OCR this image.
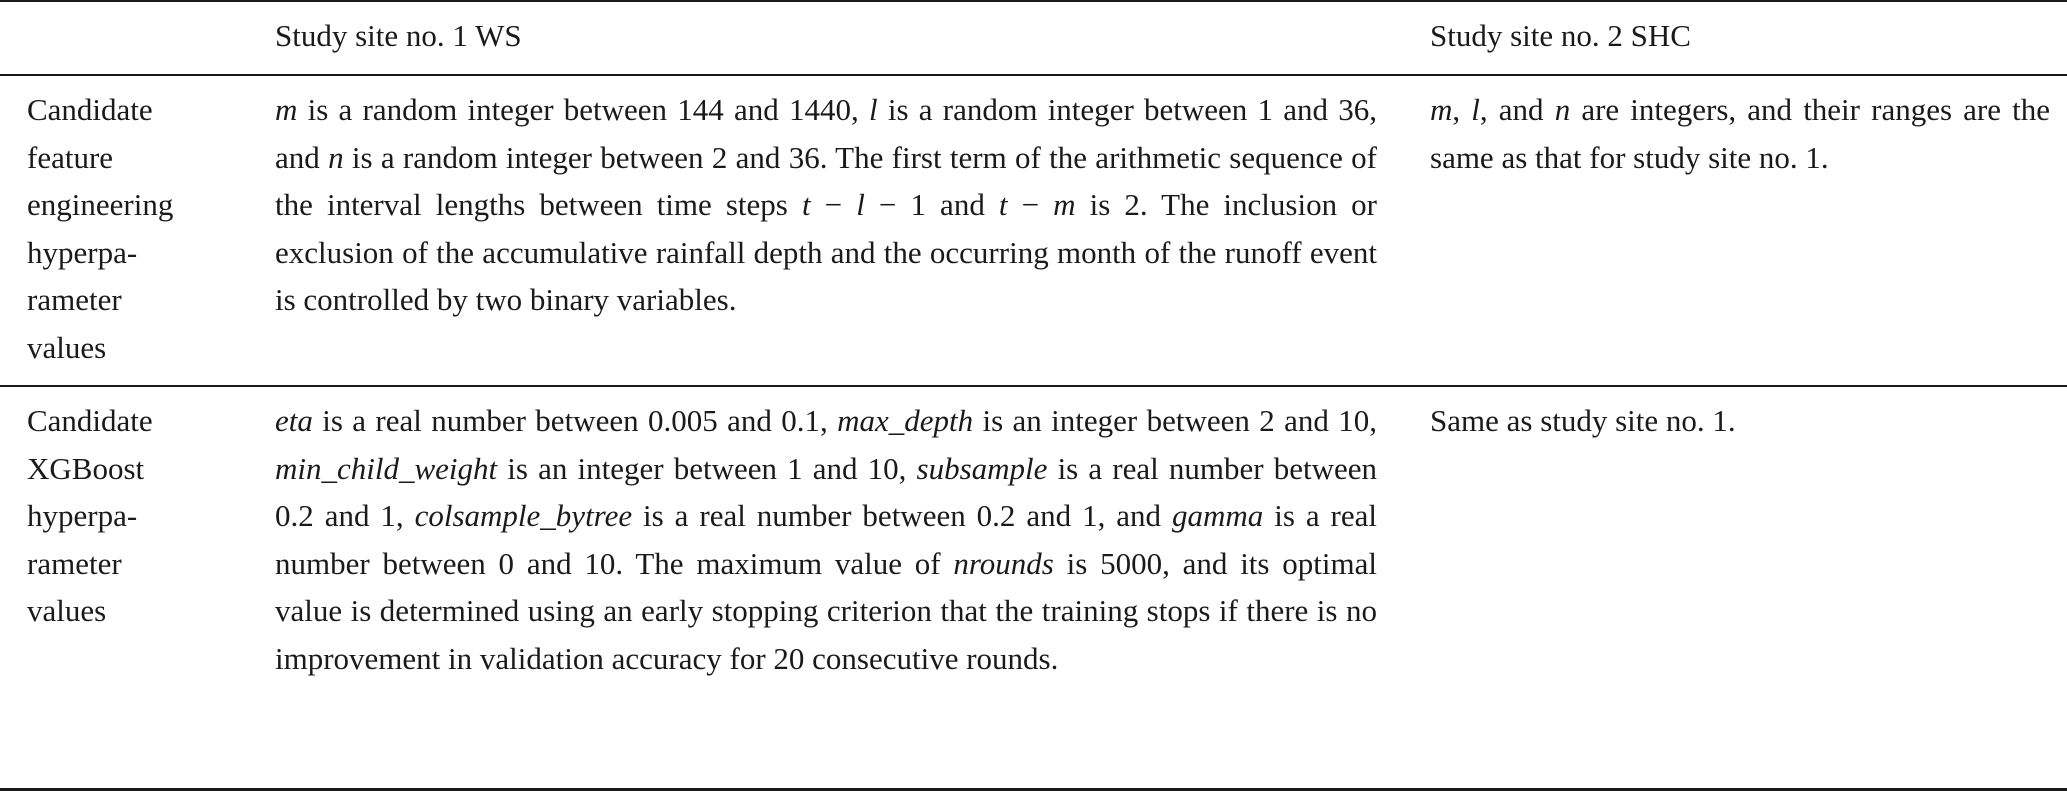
Study site no. 1 WS	Study site no. 2 SHC
Candidate
feature
engineering
hyperpa-
rameter
values
m is a random integer between 144 and 1440, l is a random integer between 1 and 36, and n is a random integer between 2 and 36. The first term of the arithmetic sequence of the interval lengths between time steps t − l − 1 and t − m is 2. The inclusion or exclusion of the accumulative rainfall depth and the occurring month of the runoff event is controlled by two binary variables.
m, l, and n are integers, and their ranges are the same as that for study site no. 1.
Candidate
XGBoost
hyperpa-
rameter
values
eta is a real number between 0.005 and 0.1, max_depth is an integer between 2 and 10, min_child_weight is an integer between 1 and 10, subsample is a real number between 0.2 and 1, colsample_bytree is a real number between 0.2 and 1, and gamma is a real number between 0 and 10. The maximum value of nrounds is 5000, and its optimal value is determined using an early stopping criterion that the training stops if there is no improvement in validation accuracy for 20 consecutive rounds.
Same as study site no. 1.
